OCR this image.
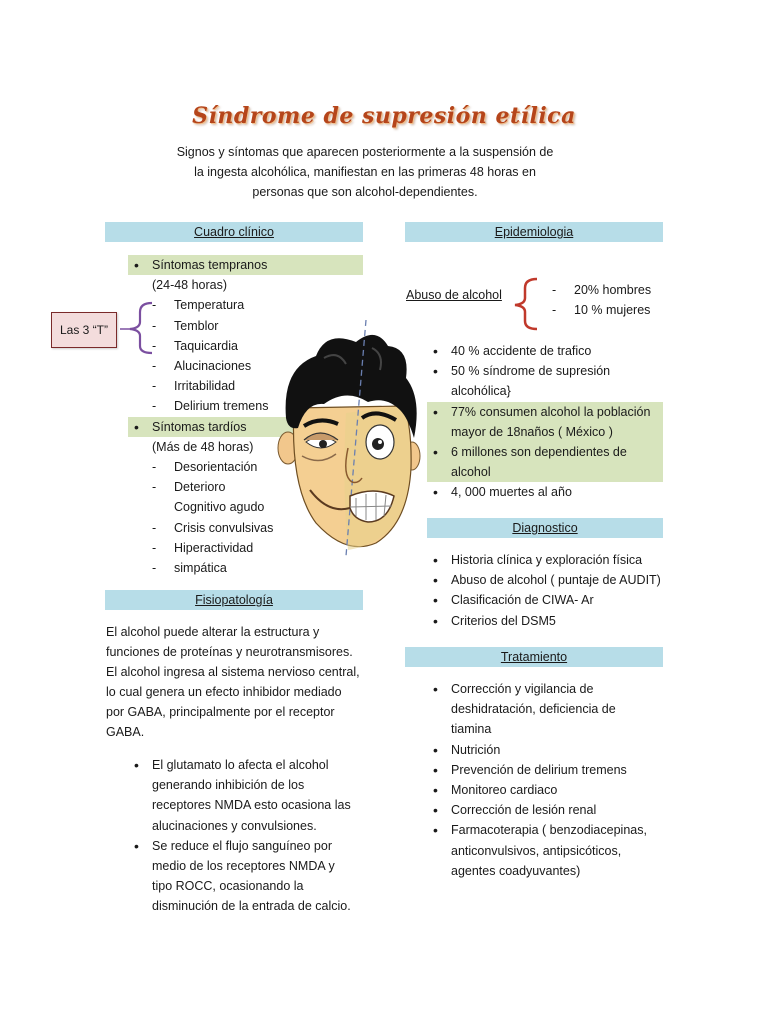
Síndrome de supresión etílica
Signos y síntomas que aparecen posteriormente a la suspensión de
la ingesta alcohólica, manifiestan en las primeras 48 horas en
personas que son alcohol-dependientes.
Cuadro clínico
• Síntomas tempranos
(24-48 horas)
- Temperatura
- Temblor
- Taquicardia
- Alucinaciones
- Irritabilidad
- Delirium tremens
• Síntomas tardíos
(Más de 48 horas)
- Desorientación
- Deterioro
Cognitivo agudo
- Crisis convulsivas
- Hiperactividad
- simpática
Las 3 “T”
Fisiopatología
El alcohol puede alterar la estructura y
funciones de proteínas y neurotransmisores.
El alcohol ingresa al sistema nervioso central,
lo cual genera un efecto inhibidor mediado
por GABA, principalmente por el receptor
GABA.
• El glutamato lo afecta el alcohol
generando inhibición de los
receptores NMDA esto ocasiona las
alucinaciones y convulsiones.
• Se reduce el flujo sanguíneo por
medio de los receptores NMDA y
tipo ROCC, ocasionando la
disminución de la entrada de calcio.
Epidemiologia
Abuso de alcohol
-	20% hombres
- 10 % mujeres
• 40 % accidente de trafico
• 50 % síndrome de supresión
alcohólica}
• 77% consumen alcohol la población
mayor de 18naños ( México )
• 6 millones son dependientes de
alcohol
• 4, 000 muertes al año
Diagnostico
• Historia clínica y exploración física
• Abuso de alcohol ( puntaje de AUDIT)
• Clasificación de CIWA- Ar
• Criterios del DSM5
Tratamiento
• Corrección y vigilancia de
deshidratación, deficiencia de
tiamina
• Nutrición
• Prevención de delirium tremens
• Monitoreo cardiaco
• Corrección de lesión renal
• Farmacoterapia ( benzodiacepinas,
anticonvulsivos, antipsicóticos,
agentes coadyuvantes)
